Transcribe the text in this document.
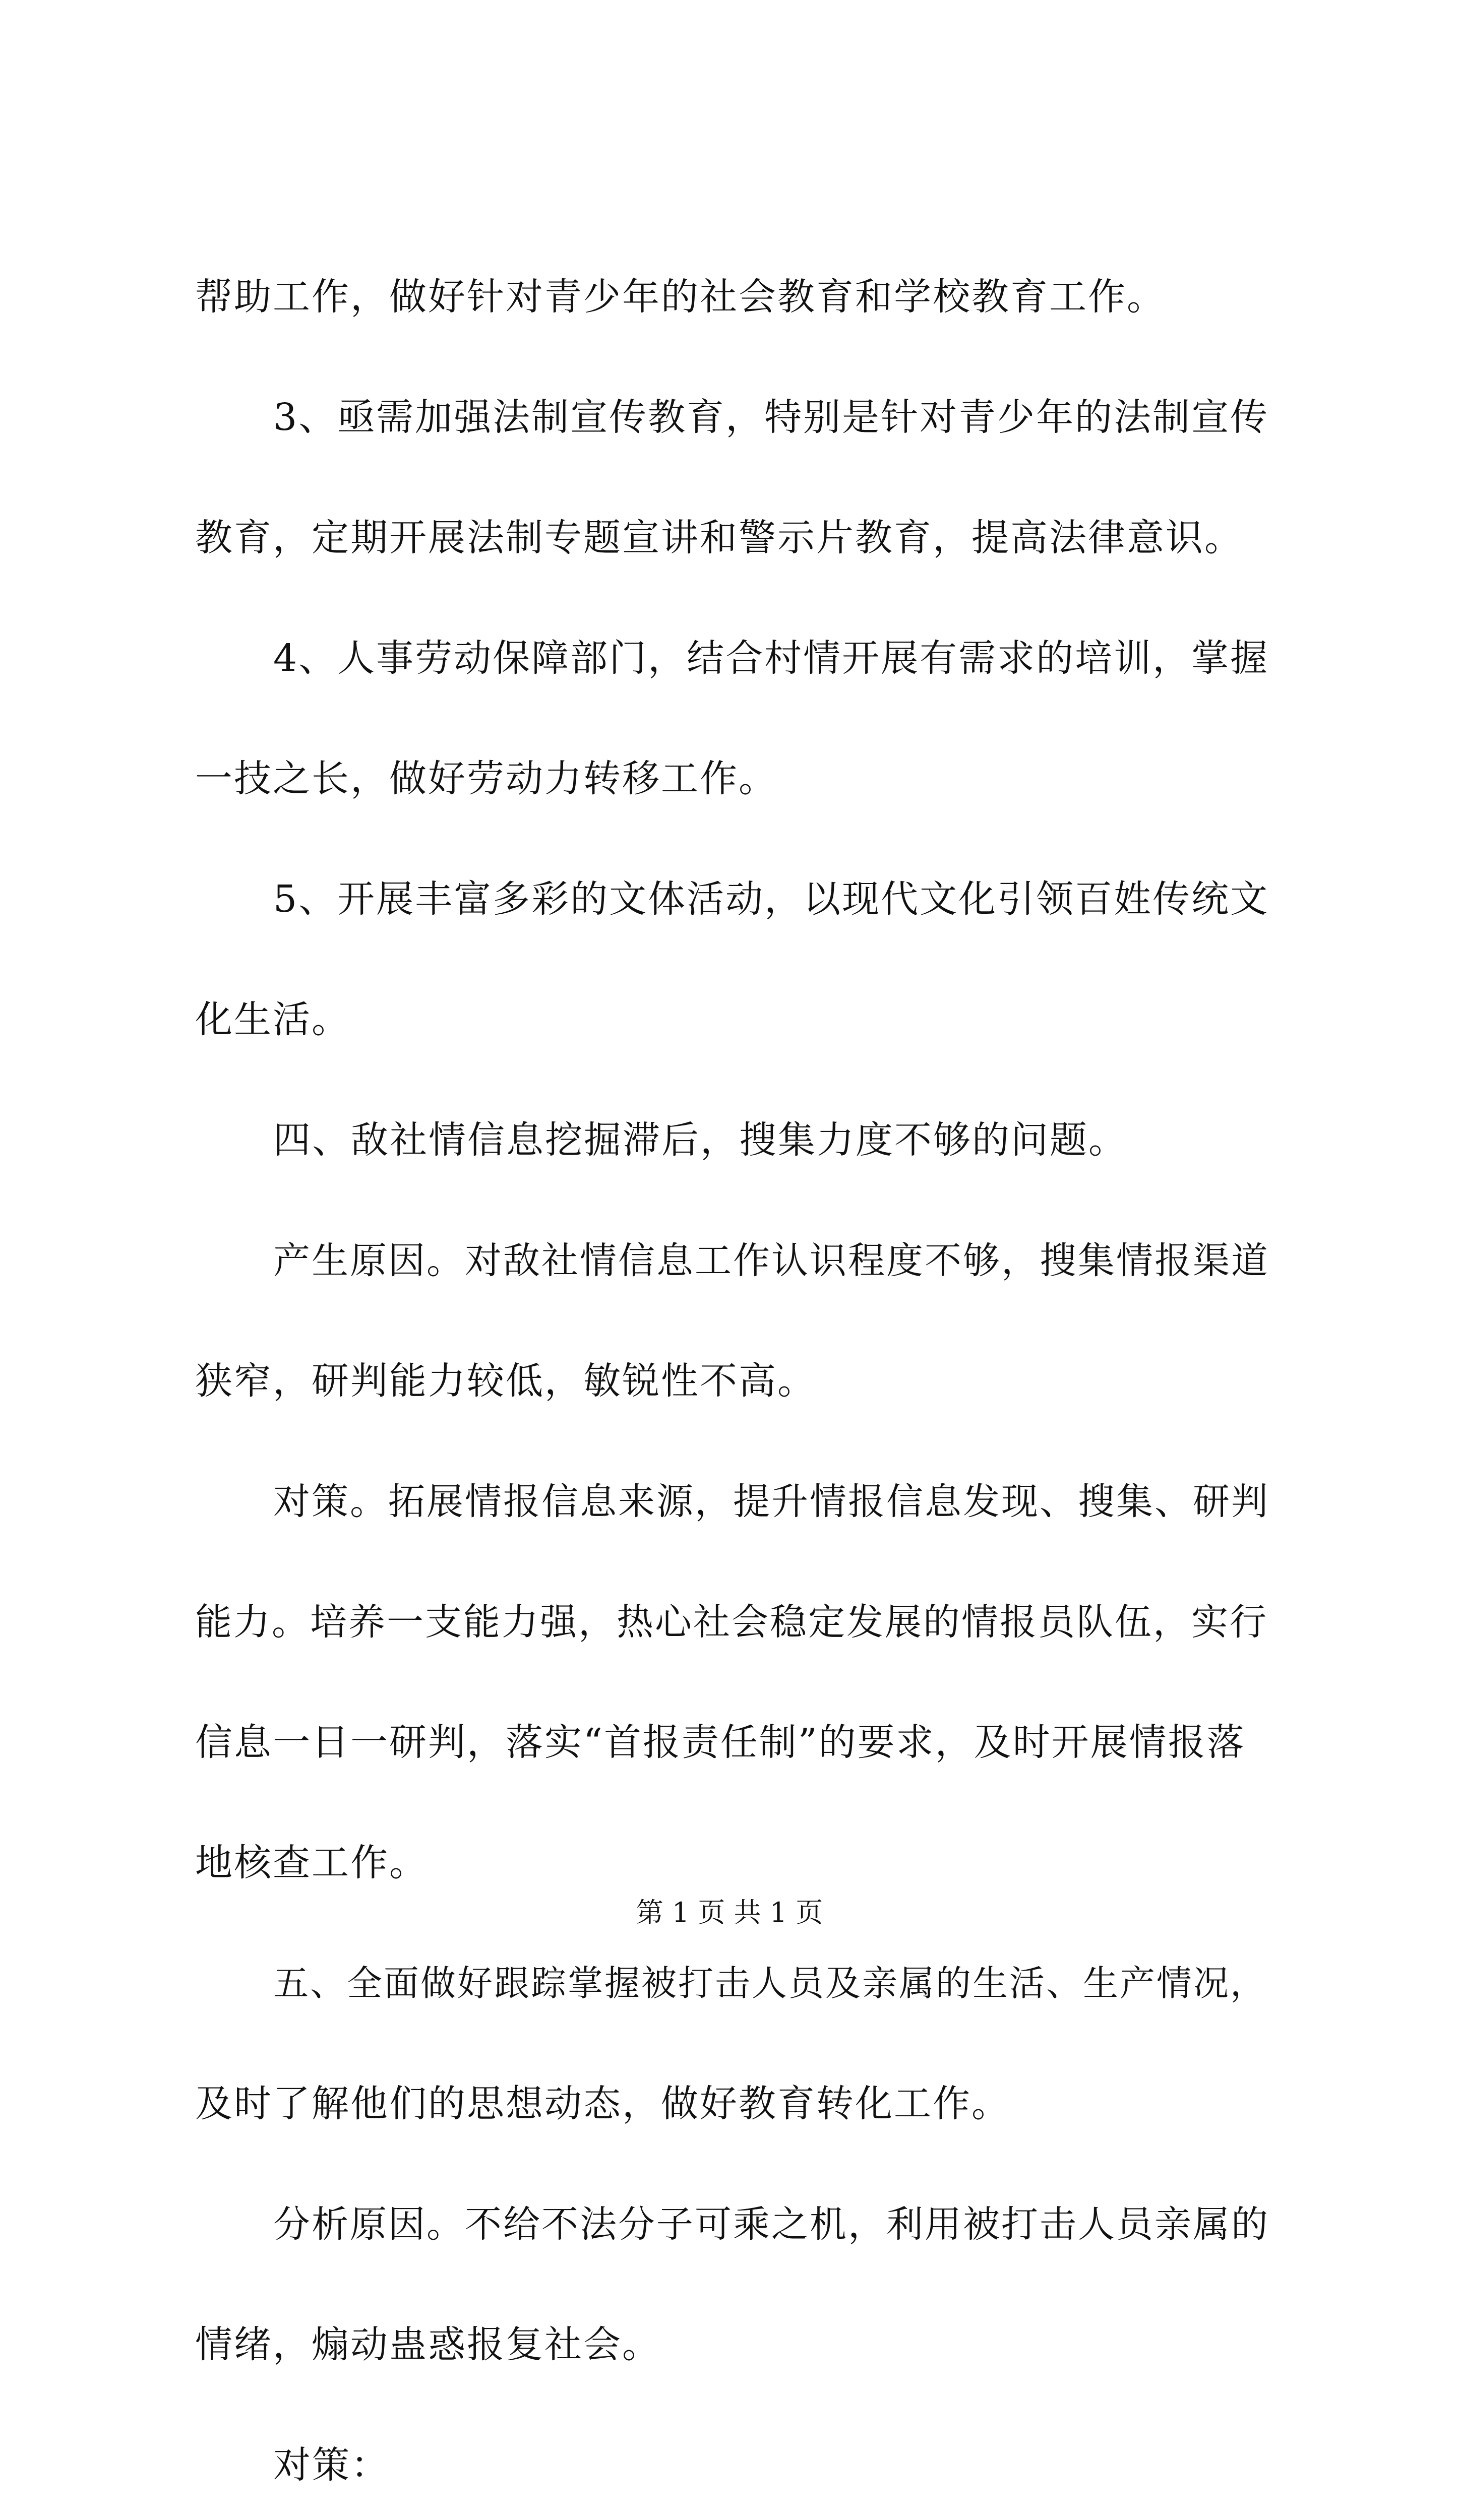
帮助工作，做好针对青少年的社会教育和学校教育工作。
3、亟需加强法制宣传教育，特别是针对青少年的法制宣传
教育，定期开展法制专题宣讲和警示片教育，提高法律意识。
4、人事劳动保障部门，结合村情开展有需求的培训，掌握
一技之长，做好劳动力转移工作。
5、开展丰富多彩的文体活动，以现代文化引领百姓传统文
化生活。
四、敌社情信息挖掘滞后，搜集力度不够的问题。
产生原因。对敌社情信息工作认识程度不够，搜集情报渠道
狭窄，研判能力较低，敏锐性不高。
对策。拓展情报信息来源，提升情报信息发现、搜集、研判
能力。培养一支能力强，热心社会稳定发展的情报员队伍，实行
信息一日一研判，落实“首报责任制”的要求，及时开展情报落
地核查工作。
五、全面做好跟踪掌握被打击人员及亲属的生活、生产情况，
及时了解他们的思想动态，做好教育转化工作。
分析原因。不给不法分子可乘之机，利用被打击人员亲属的
情绪，煽动蛊惑报复社会。
对策：
第 1 页 共 1 页
